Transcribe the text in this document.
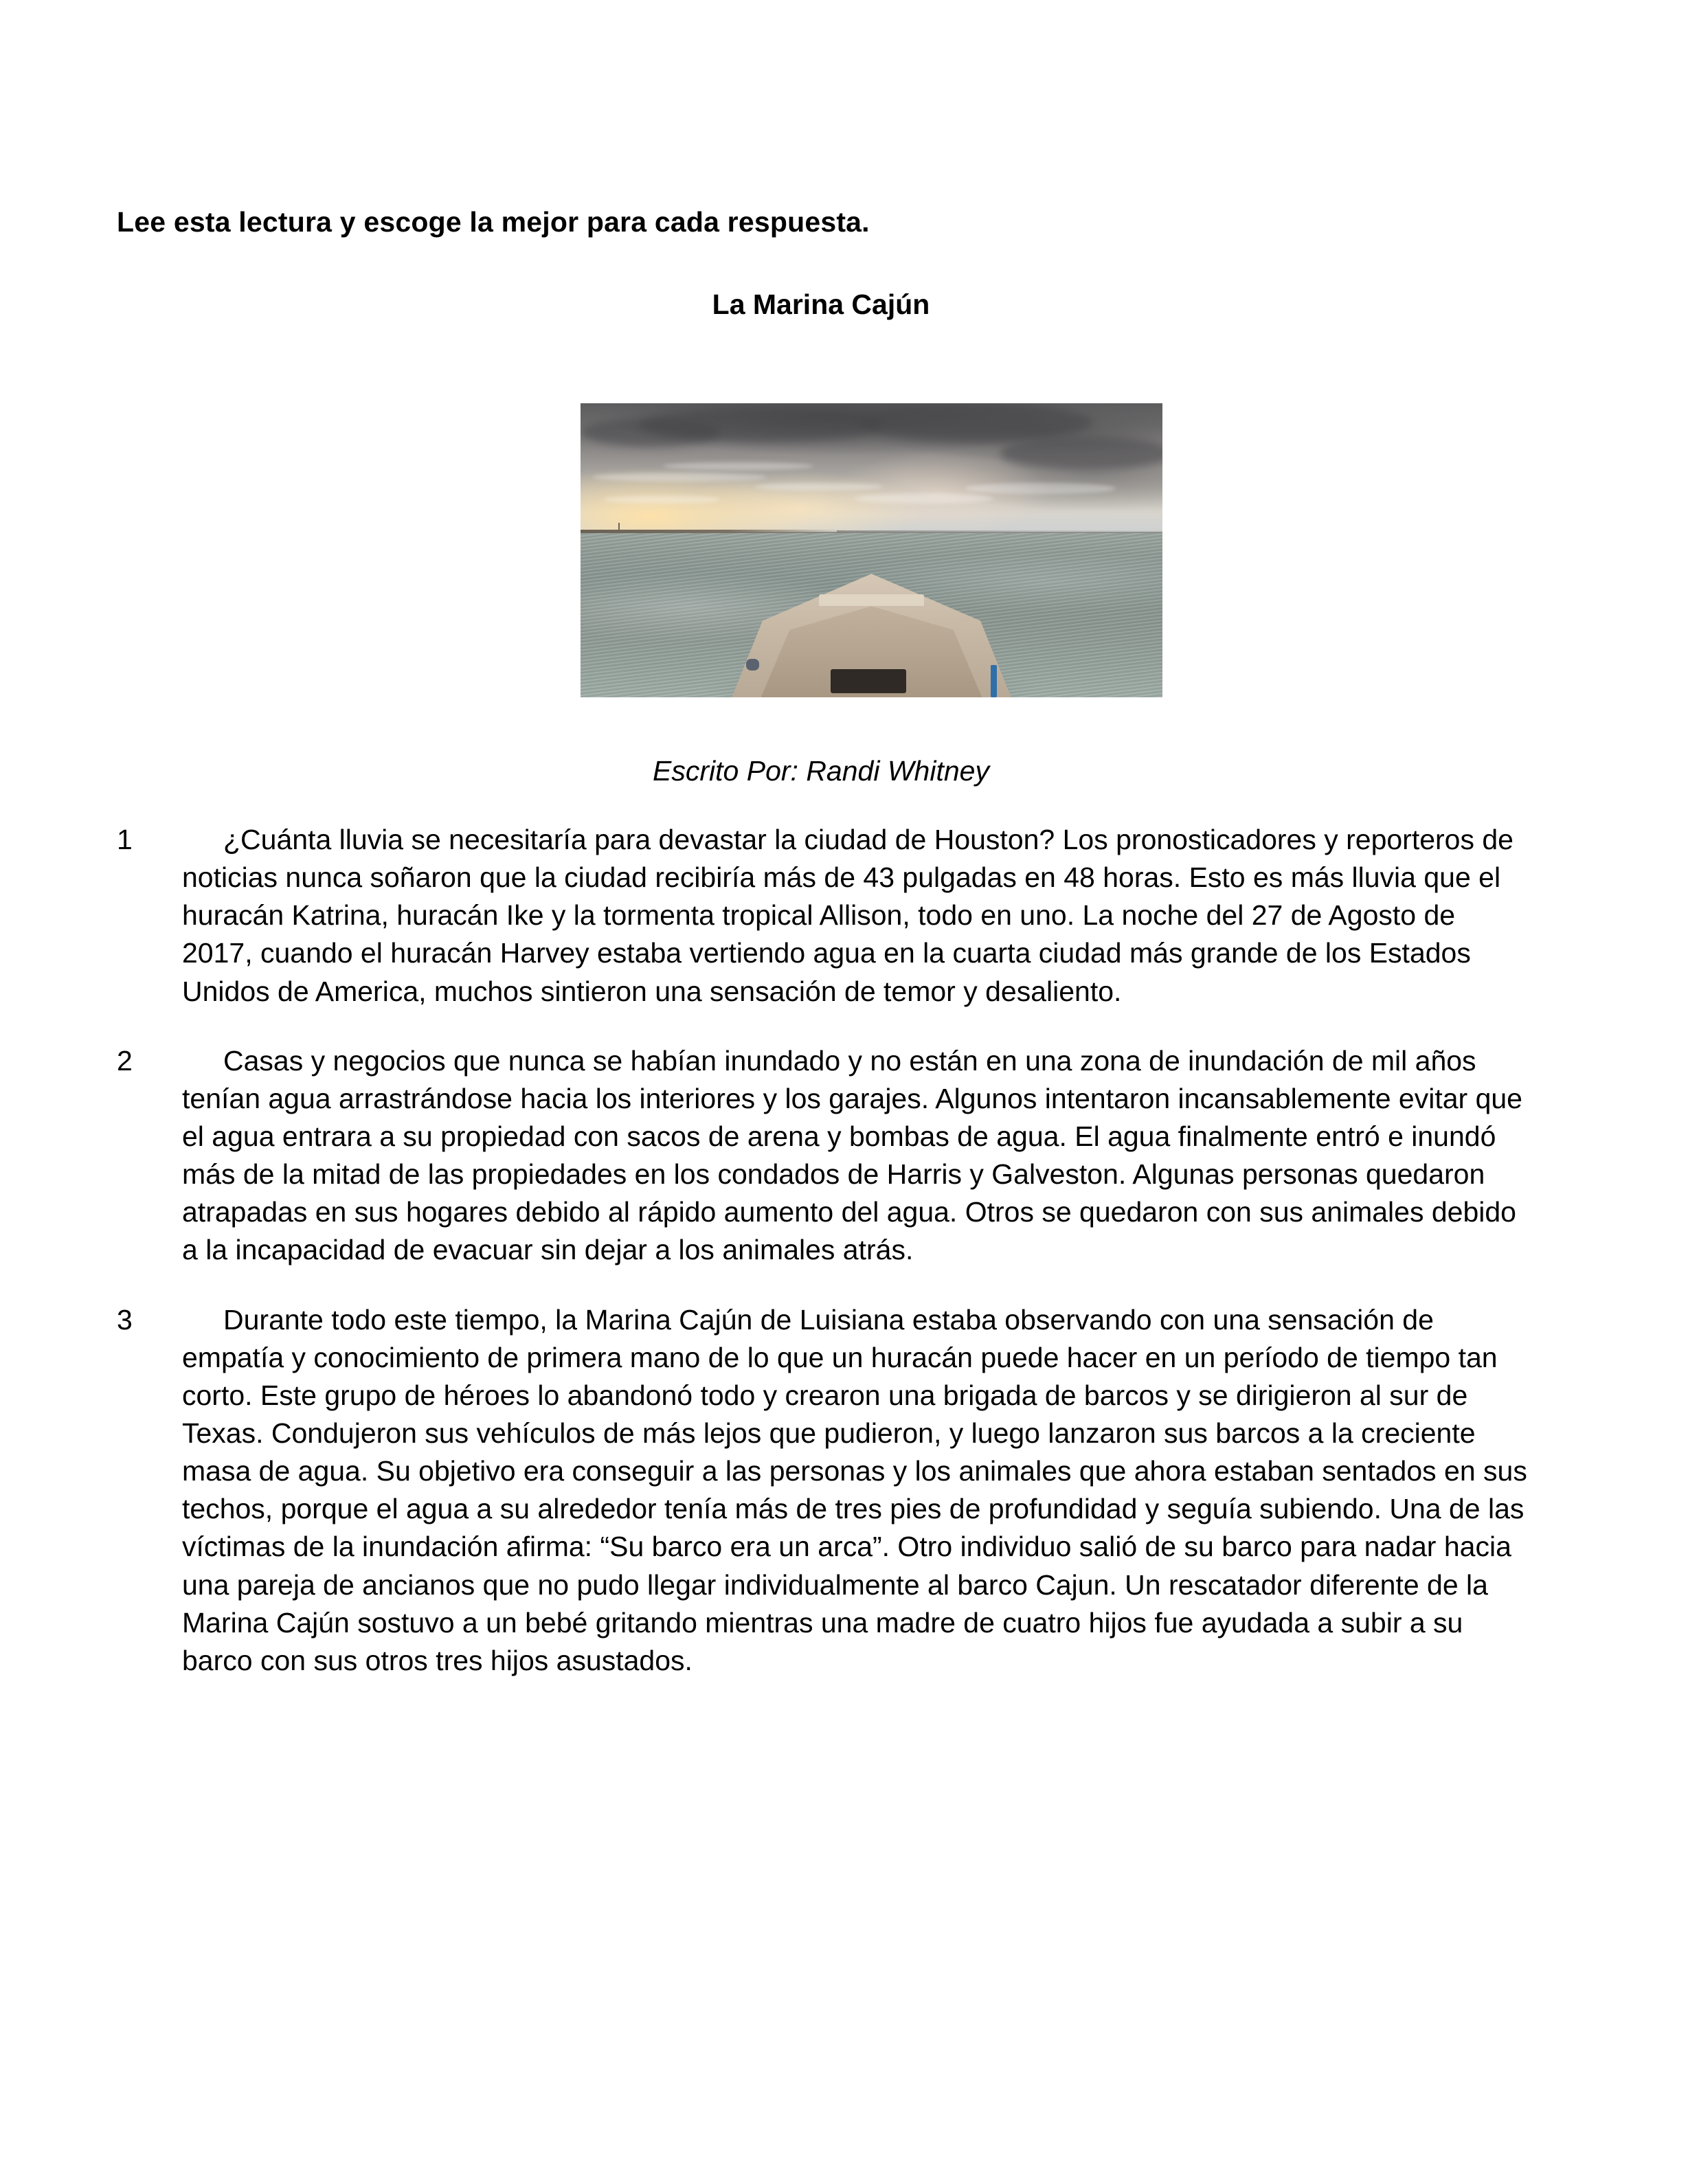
Lee esta lectura y escoge la mejor para cada respuesta.
La Marina Cajún
Escrito Por: Randi Whitney
1	¿Cuánta lluvia se necesitaría para devastar la ciudad de Houston? Los pronosticadores y reporteros de noticias nunca soñaron que la ciudad recibiría más de 43 pulgadas en 48 horas. Esto es más lluvia que el huracán Katrina, huracán Ike y la tormenta tropical Allison, todo en uno. La noche del 27 de Agosto de 2017, cuando el huracán Harvey estaba vertiendo agua en la cuarta ciudad más grande de los Estados Unidos de America, muchos sintieron una sensación de temor y desaliento.
2	Casas y negocios que nunca se habían inundado y no están en una zona de inundación de mil años tenían agua arrastrándose hacia los interiores y los garajes. Algunos intentaron incansablemente evitar que el agua entrara a su propiedad con sacos de arena y bombas de agua. El agua finalmente entró e inundó más de la mitad de las propiedades en los condados de Harris y Galveston. Algunas personas quedaron atrapadas en sus hogares debido al rápido aumento del agua. Otros se quedaron con sus animales debido a la incapacidad de evacuar sin dejar a los animales atrás.
3	Durante todo este tiempo, la Marina Cajún de Luisiana estaba observando con una sensación de empatía y conocimiento de primera mano de lo que un huracán puede hacer en un período de tiempo tan corto. Este grupo de héroes lo abandonó todo y crearon una brigada de barcos y se dirigieron al sur de Texas. Condujeron sus vehículos de más lejos que pudieron, y luego lanzaron sus barcos a la creciente masa de agua. Su objetivo era conseguir a las personas y los animales que ahora estaban sentados en sus techos, porque el agua a su alrededor tenía más de tres pies de profundidad y seguía subiendo. Una de las víctimas de la inundación afirma: “Su barco era un arca”. Otro individuo salió de su barco para nadar hacia una pareja de ancianos que no pudo llegar individualmente al barco Cajun. Un rescatador diferente de la Marina Cajún sostuvo a un bebé gritando mientras una madre de cuatro hijos fue ayudada a subir a su barco con sus otros tres hijos asustados.
